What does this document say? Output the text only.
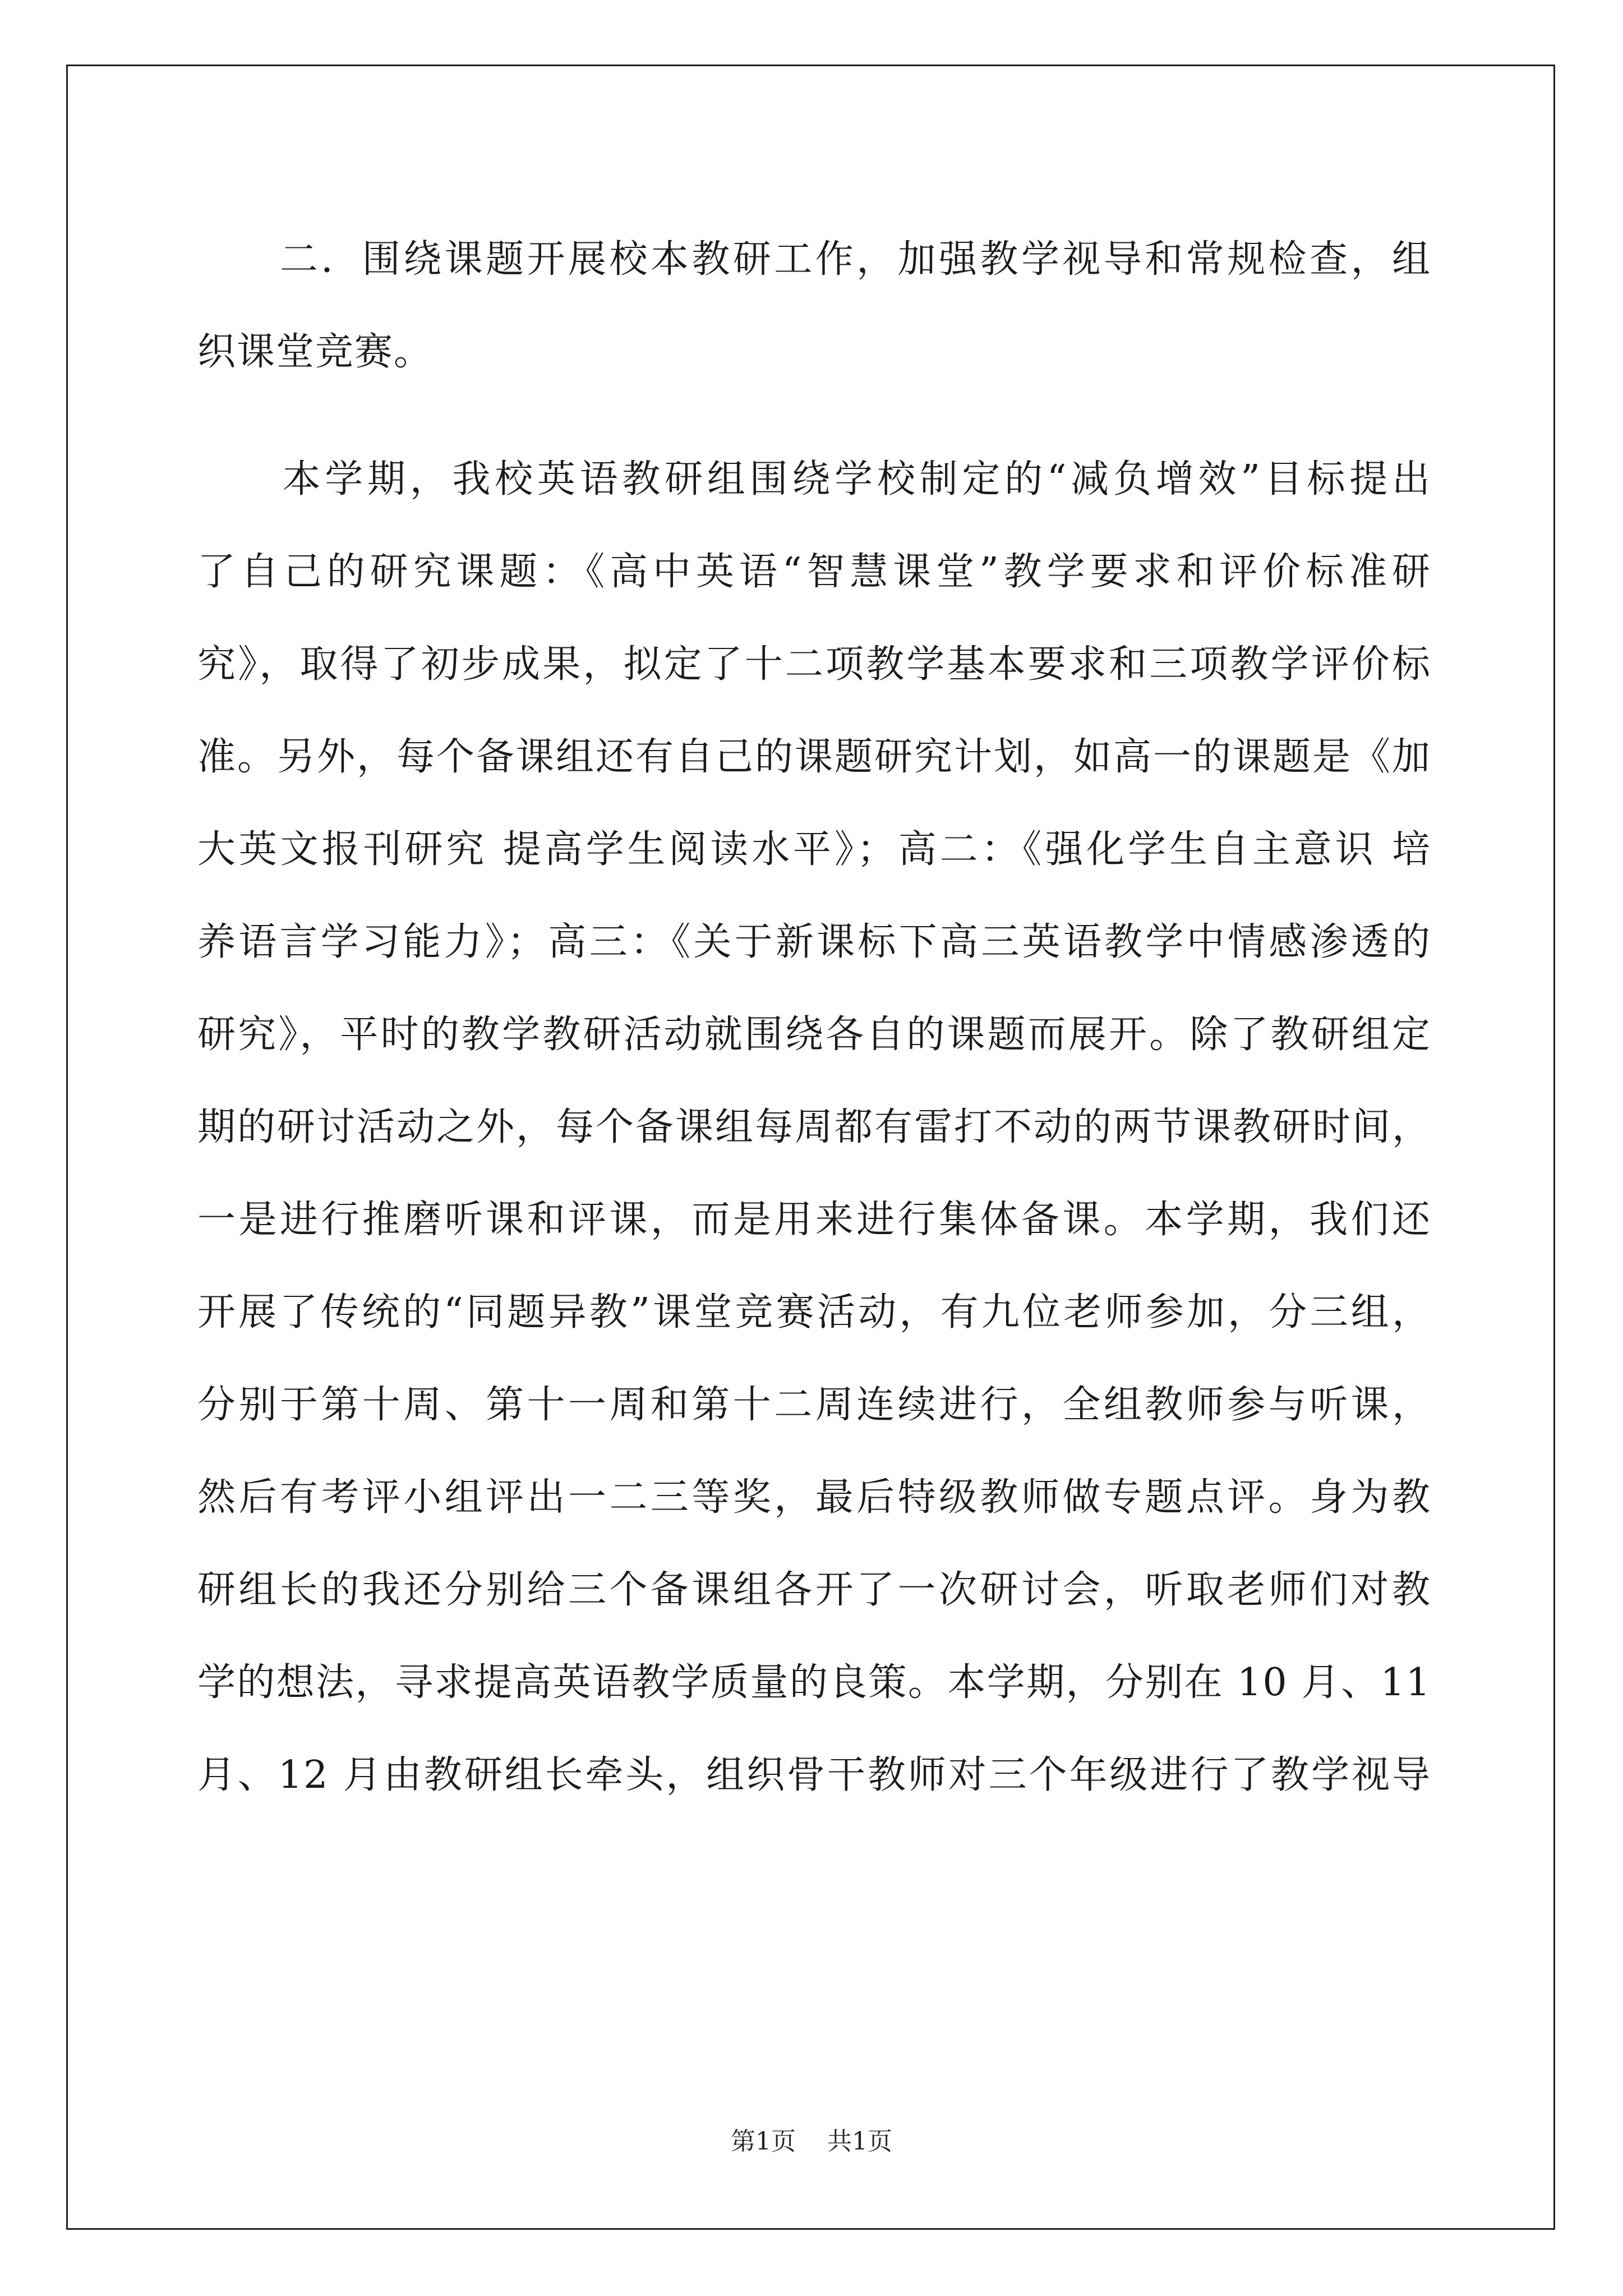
　　二．围绕课题开展校本教研工作，加强教学视导和常规检查，组
织课堂竞赛。
　　本学期，我校英语教研组围绕学校制定的“减负增效”目标提出
了自己的研究课题：《高中英语“智慧课堂”教学要求和评价标准研
究》，取得了初步成果，拟定了十二项教学基本要求和三项教学评价标
准。另外，每个备课组还有自己的课题研究计划，如高一的课题是《加
大英文报刊研究 提高学生阅读水平》；高二：《强化学生自主意识 培
养语言学习能力》；高三：《关于新课标下高三英语教学中情感渗透的
研究》，平时的教学教研活动就围绕各自的课题而展开。除了教研组定
期的研讨活动之外，每个备课组每周都有雷打不动的两节课教研时间，
一是进行推磨听课和评课，而是用来进行集体备课。本学期，我们还
开展了传统的“同题异教”课堂竞赛活动，有九位老师参加，分三组，
分别于第十周、第十一周和第十二周连续进行，全组教师参与听课，
然后有考评小组评出一二三等奖，最后特级教师做专题点评。身为教
研组长的我还分别给三个备课组各开了一次研讨会，听取老师们对教
学的想法，寻求提高英语教学质量的良策。本学期，分别在 10 月、11
月、12 月由教研组长牵头，组织骨干教师对三个年级进行了教学视导
第1页    共1页
